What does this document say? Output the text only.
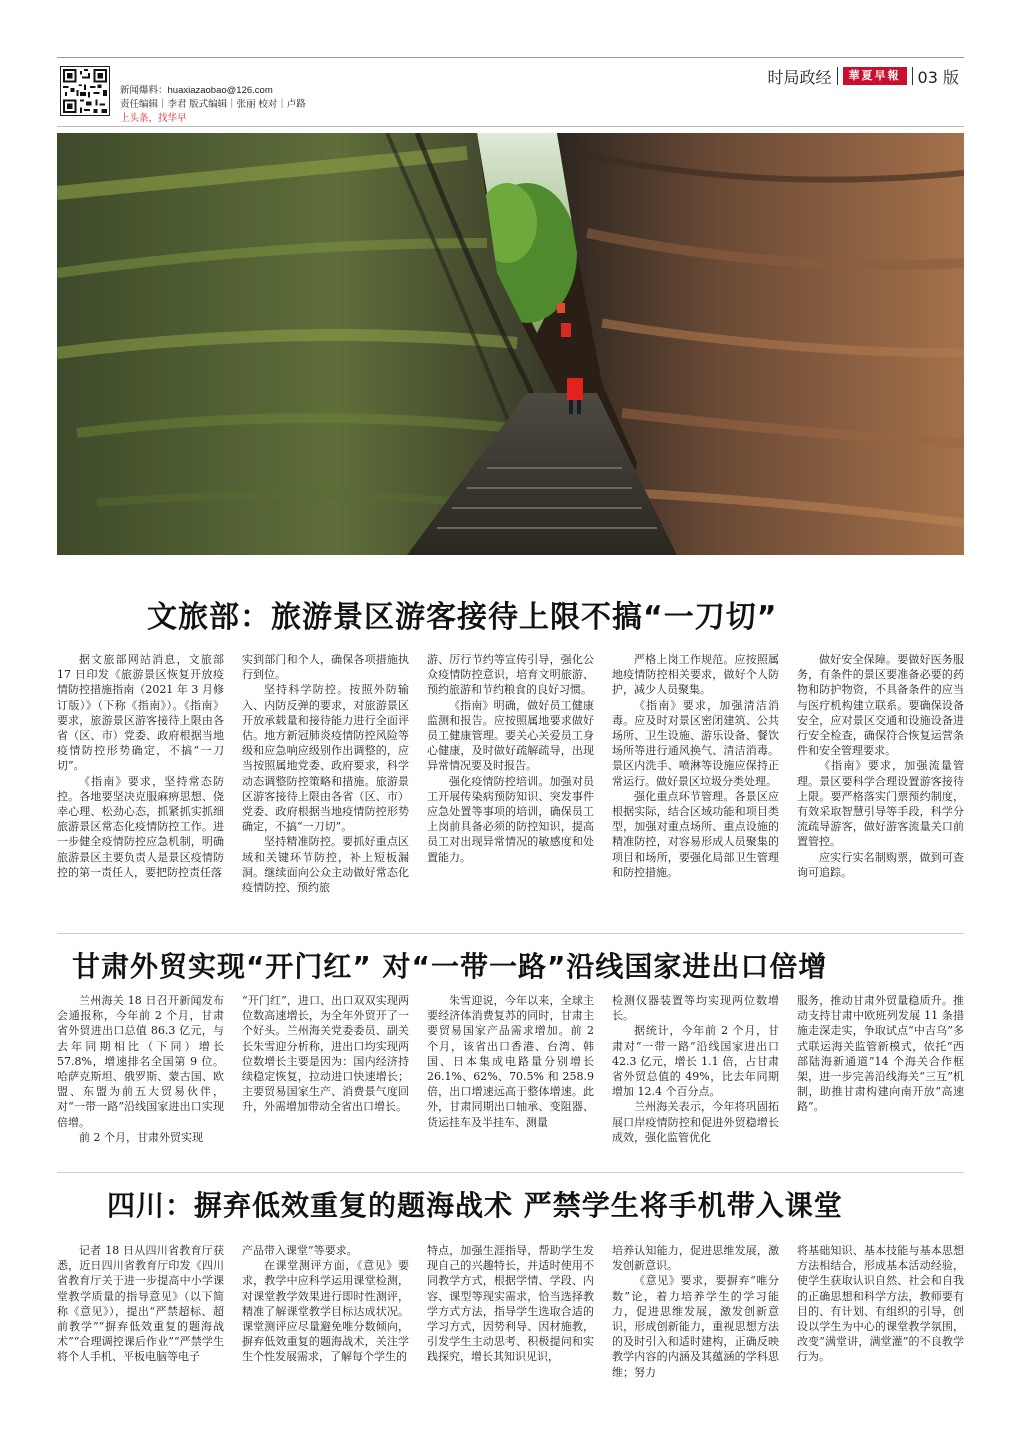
新闻爆料：huaxiazaobao@126.com
责任编辑｜李君 版式编辑｜张丽 校对｜卢路
上头条，找华早
时局政经	華夏早報	03 版
文旅部：旅游景区游客接待上限不搞“一刀切”

据文旅部网站消息，文旅部 17 日印发《旅游景区恢复开放疫情防控措施指南（2021 年 3 月修订版）》（下称《指南》）。《指南》要求，旅游景区游客接待上限由各省（区、市）党委、政府根据当地疫情防控形势确定，不搞“一刀切”。

《指南》要求，坚持常态防控。各地要坚决克服麻痹思想、侥幸心理、松劲心态，抓紧抓实抓细旅游景区常态化疫情防控工作。进一步健全疫情防控应急机制，明确旅游景区主要负责人是景区疫情防控的第一责任人，要把防控责任落

实到部门和个人，确保各项措施执行到位。

坚持科学防控。按照外防输入、内防反弹的要求，对旅游景区开放承载量和接待能力进行全面评估。地方新冠肺炎疫情防控风险等级和应急响应级别作出调整的，应当按照属地党委、政府要求，科学动态调整防控策略和措施。旅游景区游客接待上限由各省（区、市）党委、政府根据当地疫情防控形势确定，不搞“一刀切”。

坚持精准防控。要抓好重点区域和关键环节防控，补上短板漏洞。继续面向公众主动做好常态化疫情防控、预约旅

游、厉行节约等宣传引导，强化公众疫情防控意识，培育文明旅游、预约旅游和节约粮食的良好习惯。

《指南》明确，做好员工健康监测和报告。应按照属地要求做好员工健康管理。要关心关爱员工身心健康，及时做好疏解疏导，出现异常情况要及时报告。

强化疫情防控培训。加强对员工开展传染病预防知识、突发事件应急处置等事项的培训，确保员工上岗前具备必须的防控知识，提高员工对出现异常情况的敏感度和处置能力。

严格上岗工作规范。应按照属地疫情防控相关要求，做好个人防护，减少人员聚集。

《指南》要求，加强清洁消毒。应及时对景区密闭建筑、公共场所、卫生设施、游乐设备、餐饮场所等进行通风换气、清洁消毒。景区内洗手、喷淋等设施应保持正常运行。做好景区垃圾分类处理。

强化重点环节管理。各景区应根据实际，结合区域功能和项目类型，加强对重点场所、重点设施的精准防控，对容易形成人员聚集的项目和场所，要强化局部卫生管理和防控措施。

做好安全保障。要做好医务服务，有条件的景区要准备必要的药物和防护物资，不具备条件的应当与医疗机构建立联系。要确保设备安全，应对景区交通和设施设备进行安全检查，确保符合恢复运营条件和安全管理要求。

《指南》要求，加强流量管理。景区要科学合理设置游客接待上限。要严格落实门票预约制度，有效采取智慧引导等手段，科学分流疏导游客，做好游客流量关口前置管控。

应实行实名制购票，做到可查询可追踪。

甘肃外贸实现“开门红” 对“一带一路”沿线国家进出口倍增

兰州海关 18 日召开新闻发布会通报称，今年前 2 个月，甘肃省外贸进出口总值 86.3 亿元，与去年同期相比（下同）增长 57.8%，增速排名全国第 9 位。哈萨克斯坦、俄罗斯、蒙古国、欧盟、东盟为前五大贸易伙伴，对“一带一路”沿线国家进出口实现倍增。

前 2 个月，甘肃外贸实现

“开门红”，进口、出口双双实现两位数高速增长，为全年外贸开了一个好头。兰州海关党委委员、副关长朱雪迎分析称，进出口均实现两位数增长主要是因为：国内经济持续稳定恢复，拉动进口快速增长；主要贸易国家生产、消费景气度回升，外需增加带动全省出口增长。

朱雪迎说，今年以来，全球主要经济体消费复苏的同时，甘肃主要贸易国家产品需求增加。前 2 个月，该省出口香港、台湾、韩国、日本集成电路量分别增长 26.1%、62%、70.5% 和 258.9 倍，出口增速远高于整体增速。此外，甘肃同期出口轴承、变阻器、货运挂车及半挂车、测量

检测仪器装置等均实现两位数增长。

据统计，今年前 2 个月，甘肃对“一带一路”沿线国家进出口 42.3 亿元，增长 1.1 倍，占甘肃省外贸总值的 49%，比去年同期增加 12.4 个百分点。

兰州海关表示，今年将巩固拓展口岸疫情防控和促进外贸稳增长成效，强化监管优化

服务，推动甘肃外贸量稳质升。推动支持甘肃中欧班列发展 11 条措施走深走实，争取试点“中吉乌”多式联运海关监管新模式，依托“西部陆海新通道”14 个海关合作框架，进一步完善沿线海关“三互”机制，助推甘肃构建向南开放“高速路”。

四川：摒弃低效重复的题海战术 严禁学生将手机带入课堂

记者 18 日从四川省教育厅获悉，近日四川省教育厅印发《四川省教育厅关于进一步提高中小学课堂教学质量的指导意见》（以下简称《意见》），提出“严禁超标、超前教学”“摒弃低效重复的题海战术”“合理调控课后作业”“严禁学生将个人手机、平板电脑等电子

产品带入课堂”等要求。

在课堂测评方面，《意见》要求，教学中应科学运用课堂检测，对课堂教学效果进行即时性测评，精准了解课堂教学目标达成状况。课堂测评应尽量避免唯分数倾向，摒弃低效重复的题海战术，关注学生个性发展需求，了解每个学生的

特点，加强生涯指导，帮助学生发现自己的兴趣特长，并适时使用不同教学方式，根据学情、学段、内容、课型等现实需求，恰当选择教学方式方法，指导学生选取合适的学习方式，因势利导、因材施教，引发学生主动思考、积极提问和实践探究，增长其知识见识，

培养认知能力，促进思维发展，激发创新意识。

《意见》要求，要摒弃“唯分数”论，着力培养学生的学习能力，促进思维发展，激发创新意识，形成创新能力，重视思想方法的及时引入和适时建构，正确反映教学内容的内涵及其蕴涵的学科思维；努力

将基础知识、基本技能与基本思想方法相结合，形成基本活动经验，使学生获取认识自然、社会和自我的正确思想和科学方法，教师要有目的、有计划、有组织的引导，创设以学生为中心的课堂教学氛围，改变“满堂讲，满堂灌”的不良教学行为。
